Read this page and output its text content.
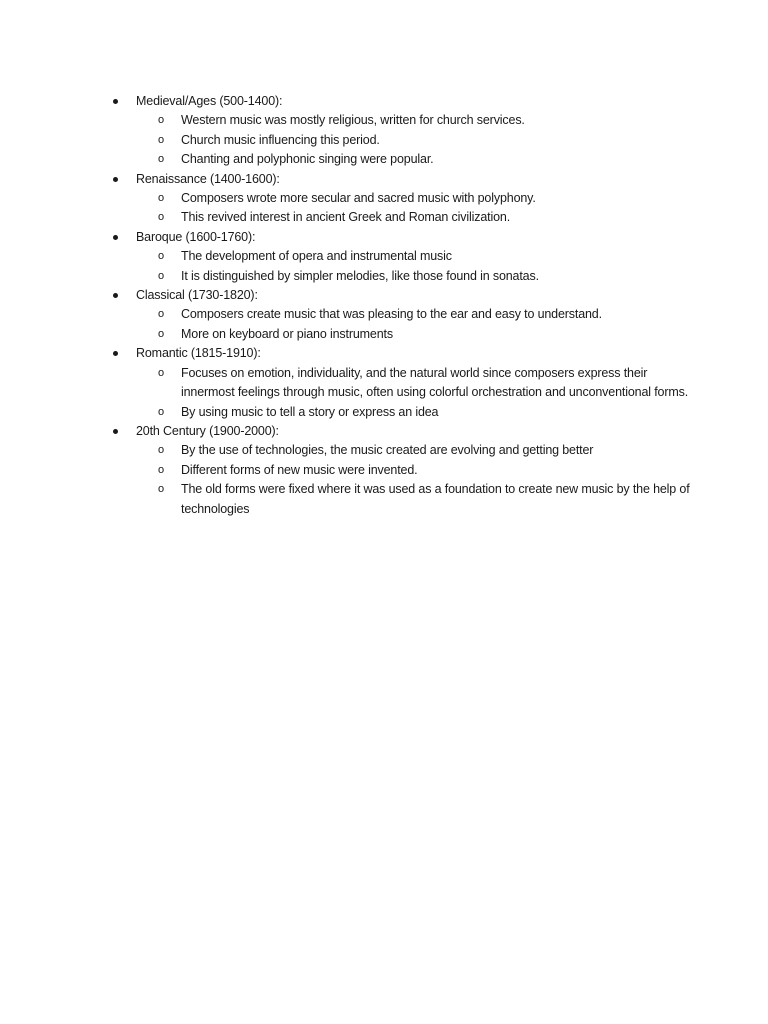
Medieval/Ages (500-1400):
o Western music was mostly religious, written for church services.
o Church music influencing this period.
o Chanting and polyphonic singing were popular.
Renaissance (1400-1600):
o Composers wrote more secular and sacred music with polyphony.
o This revived interest in ancient Greek and Roman civilization.
Baroque (1600-1760):
o The development of opera and instrumental music
o It is distinguished by simpler melodies, like those found in sonatas.
Classical (1730-1820):
o Composers create music that was pleasing to the ear and easy to understand.
o More on keyboard or piano instruments
Romantic (1815-1910):
o Focuses on emotion, individuality, and the natural world since composers express their innermost feelings through music, often using colorful orchestration and unconventional forms.
o By using music to tell a story or express an idea
20th Century (1900-2000):
o By the use of technologies, the music created are evolving and getting better
o Different forms of new music were invented.
o The old forms were fixed where it was used as a foundation to create new music by the help of technologies
